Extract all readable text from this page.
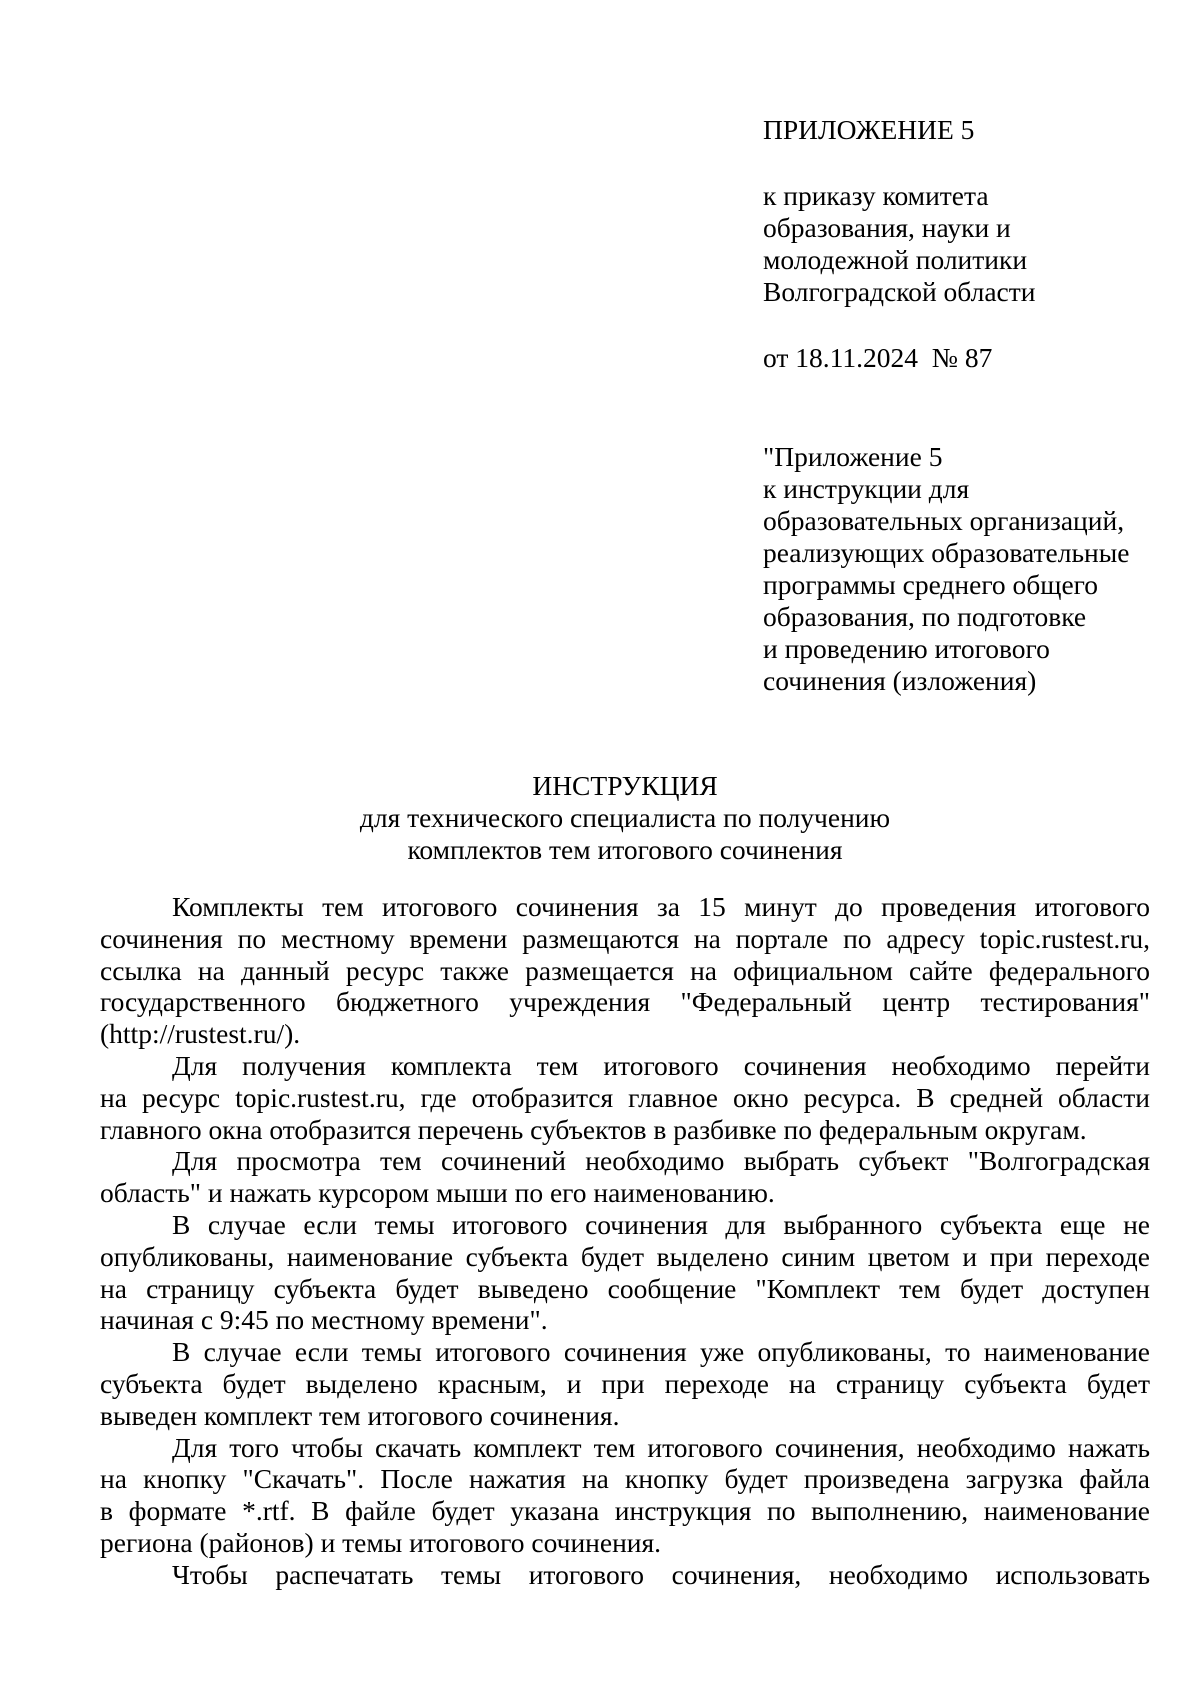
ПРИЛОЖЕНИЕ 5
к приказу комитета
образования, науки и
молодежной политики
Волгоградской области
от 18.11.2024  № 87
"Приложение 5
к инструкции для
образовательных организаций,
реализующих образовательные
программы среднего общего
образования, по подготовке
и проведению итогового
сочинения (изложения)
ИНСТРУКЦИЯ
для технического специалиста по получению
комплектов тем итогового сочинения
Комплекты тем итогового сочинения за 15 минут до проведения итогового
сочинения по местному времени размещаются на портале по адресу topic.rustest.ru,
ссылка на данный ресурс также размещается на официальном сайте федерального
государственного бюджетного учреждения "Федеральный центр тестирования"
(http://rustest.ru/).
Для получения комплекта тем итогового сочинения необходимо перейти
на ресурс topic.rustest.ru, где отобразится главное окно ресурса. В средней области
главного окна отобразится перечень субъектов в разбивке по федеральным округам.
Для просмотра тем сочинений необходимо выбрать субъект "Волгоградская
область" и нажать курсором мыши по его наименованию.
В случае если темы итогового сочинения для выбранного субъекта еще не
опубликованы, наименование субъекта будет выделено синим цветом и при переходе
на страницу субъекта будет выведено сообщение "Комплект тем будет доступен
начиная с 9:45 по местному времени".
В случае если темы итогового сочинения уже опубликованы, то наименование
субъекта будет выделено красным, и при переходе на страницу субъекта будет
выведен комплект тем итогового сочинения.
Для того чтобы скачать комплект тем итогового сочинения, необходимо нажать
на кнопку "Скачать". После нажатия на кнопку будет произведена загрузка файла
в формате *.rtf. В файле будет указана инструкция по выполнению, наименование
региона (районов) и темы итогового сочинения.
Чтобы распечатать темы итогового сочинения, необходимо использовать
